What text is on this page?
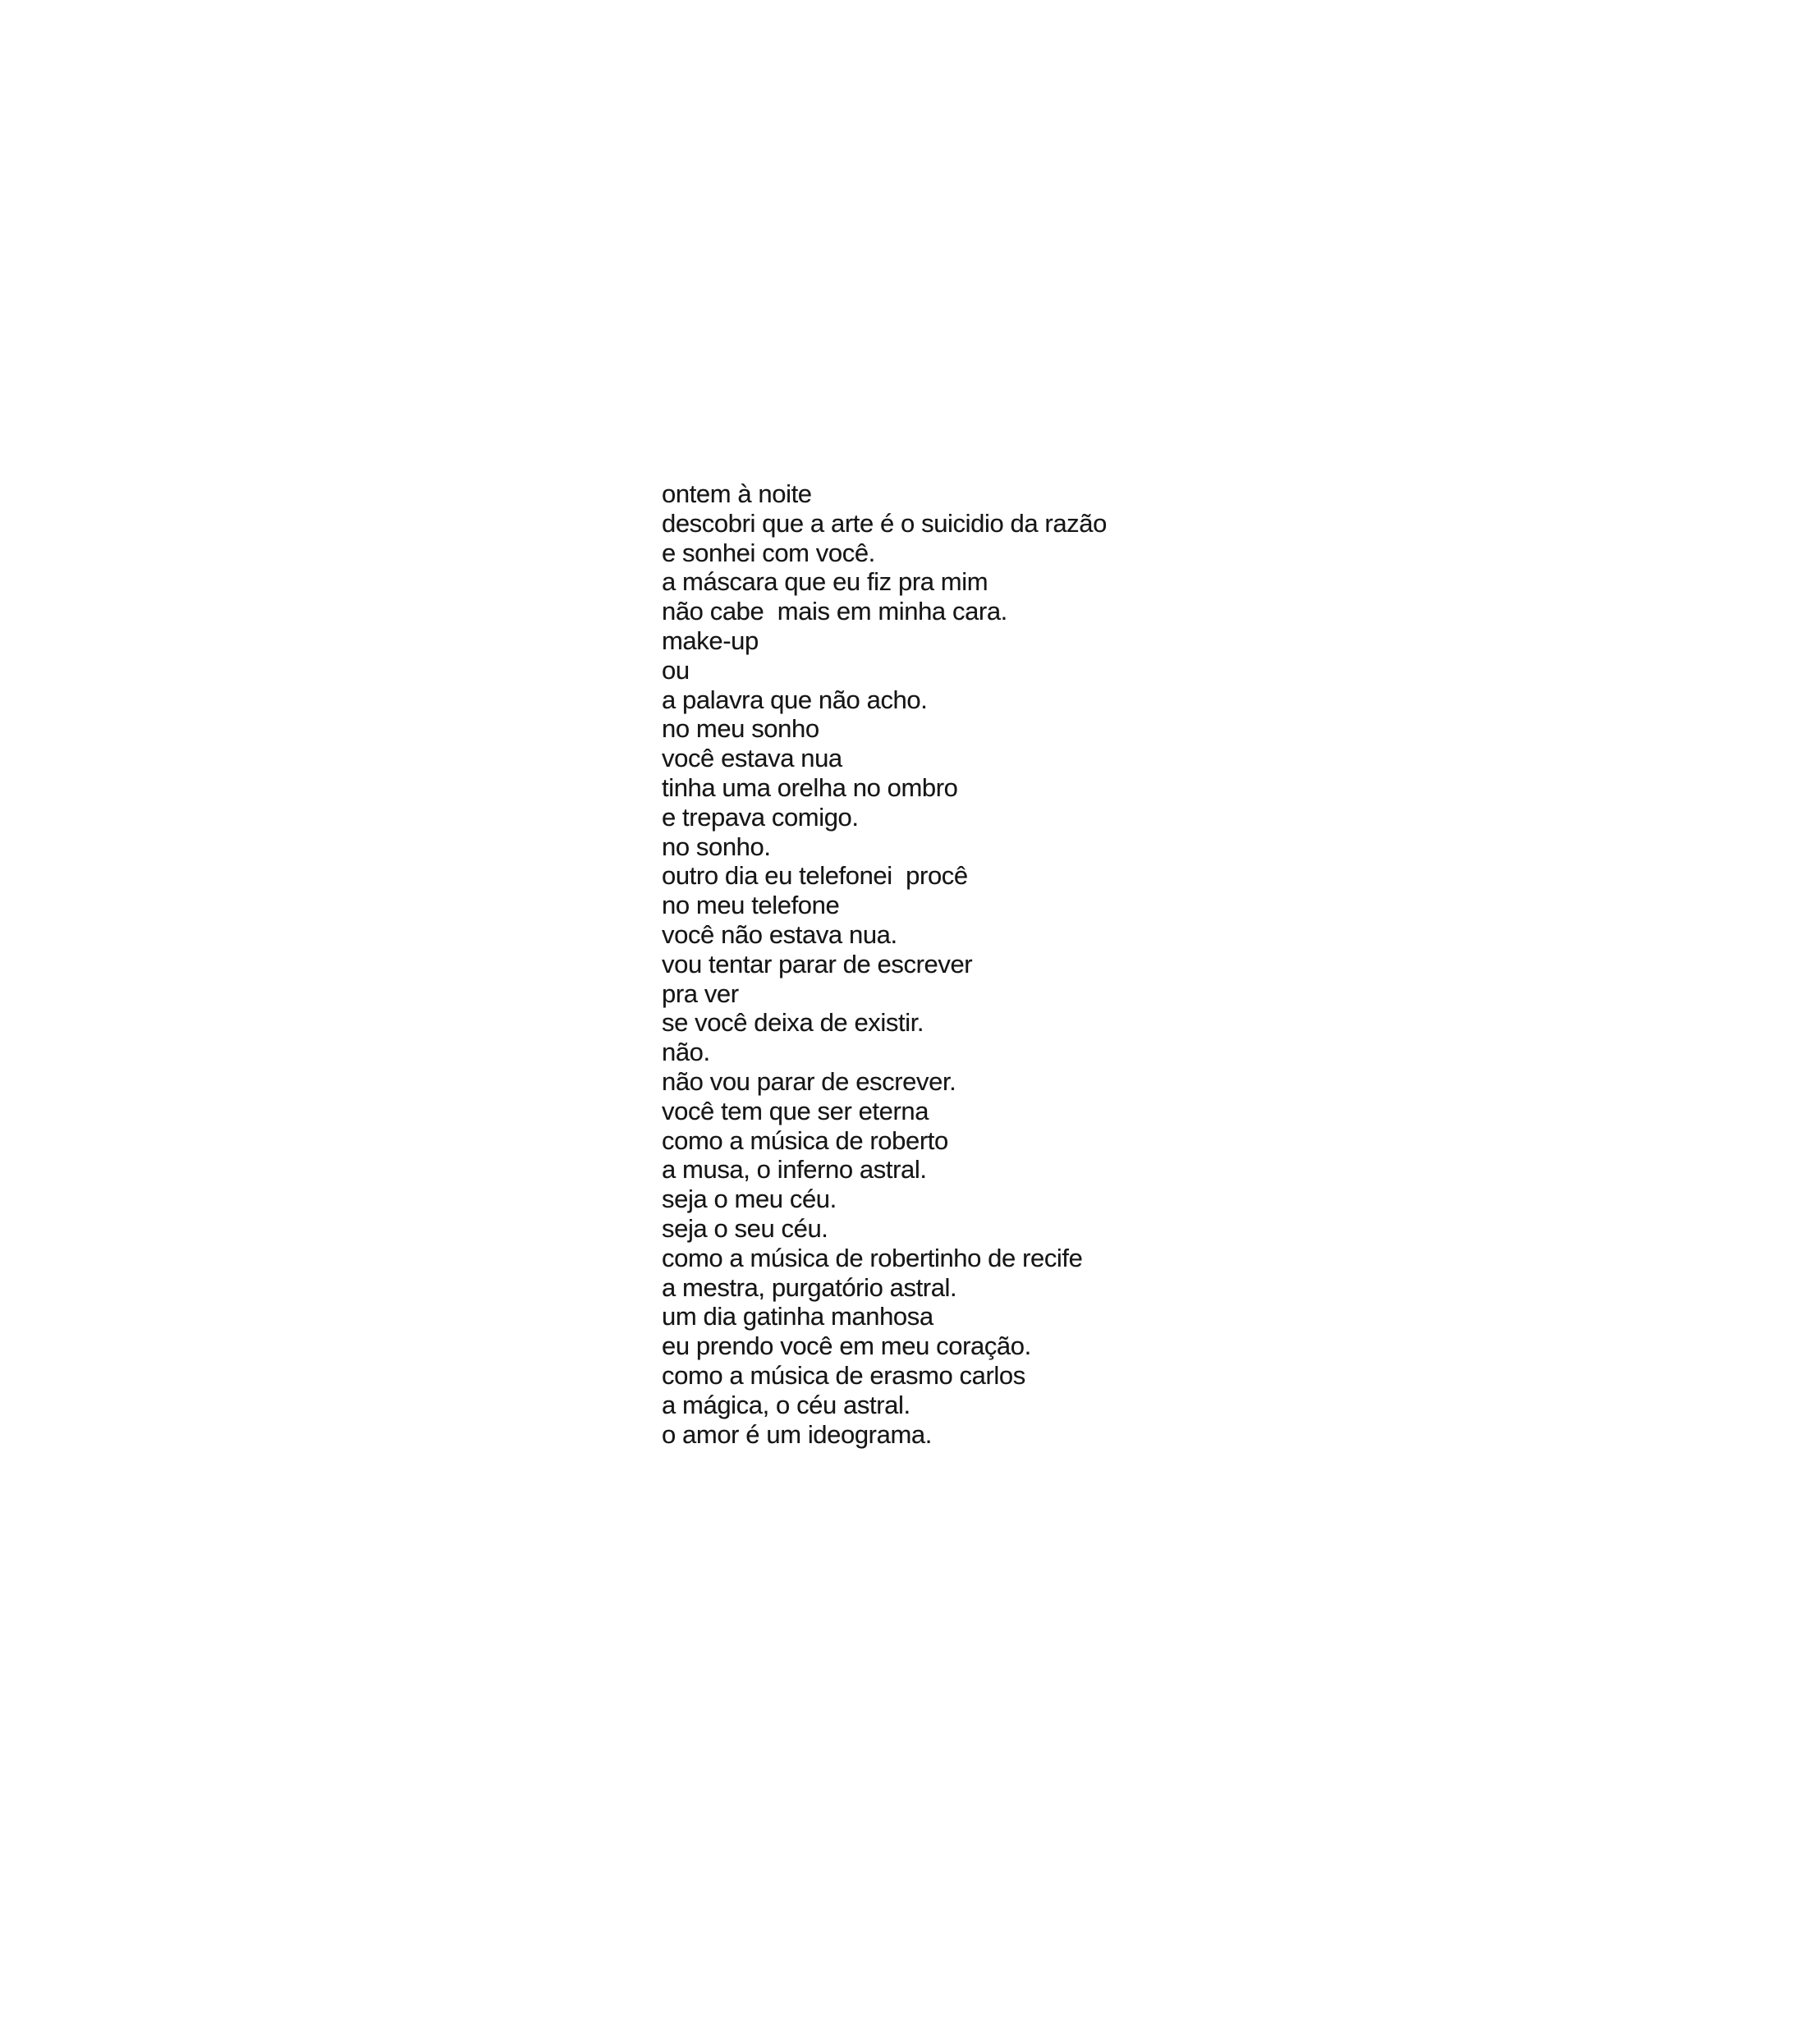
ontem à noite
descobri que a arte é o suicidio da razão
e sonhei com você.
a máscara que eu fiz pra mim
não cabe  mais em minha cara.
make-up
ou
a palavra que não acho.
no meu sonho
você estava nua
tinha uma orelha no ombro
e trepava comigo.
no sonho.
outro dia eu telefonei  procê
no meu telefone
você não estava nua.
vou tentar parar de escrever
pra ver
se você deixa de existir.
não.
não vou parar de escrever.
você tem que ser eterna
como a música de roberto
a musa, o inferno astral.
seja o meu céu.
seja o seu céu.
como a música de robertinho de recife
a mestra, purgatório astral.
um dia gatinha manhosa
eu prendo você em meu coração.
como a música de erasmo carlos
a mágica, o céu astral.
o amor é um ideograma.
